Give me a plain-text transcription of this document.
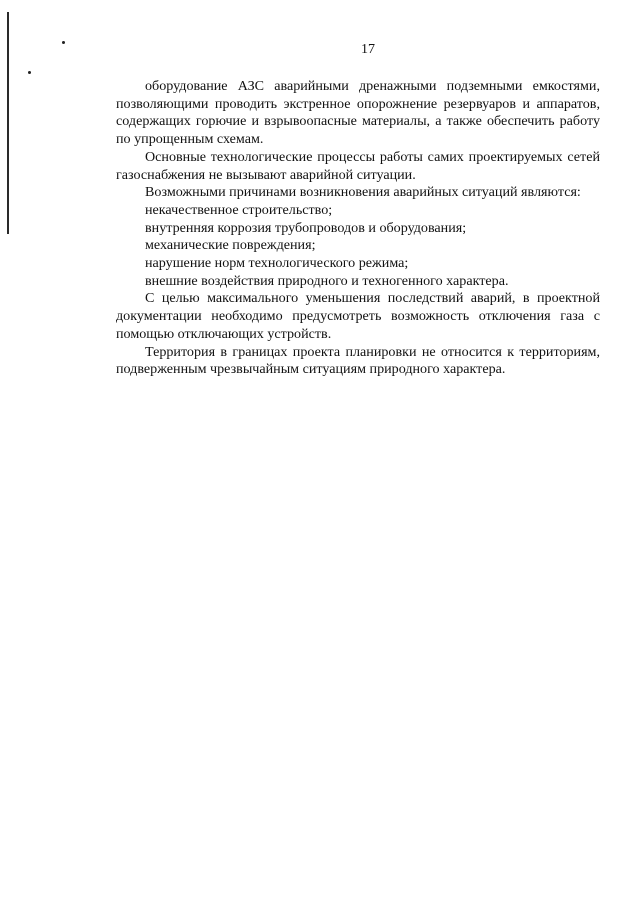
17

оборудование АЗС аварийными дренажными подземными емкостями, позволяющими проводить экстренное опорожнение резервуаров и аппаратов, содержащих горючие и взрывоопасные материалы, а также обеспечить работу по упрощенным схемам.

Основные технологические процессы работы самих проектируемых сетей газоснабжения не вызывают аварийной ситуации.

Возможными причинами возникновения аварийных ситуаций являются:

некачественное строительство;

внутренняя коррозия трубопроводов и оборудования;

механические повреждения;

нарушение норм технологического режима;

внешние воздействия природного и техногенного характера.

С целью максимального уменьшения последствий аварий, в проектной документации необходимо предусмотреть возможность отключения газа с помощью отключающих устройств.

Территория в границах проекта планировки не относится к территориям, подверженным чрезвычайным ситуациям природного характера.
